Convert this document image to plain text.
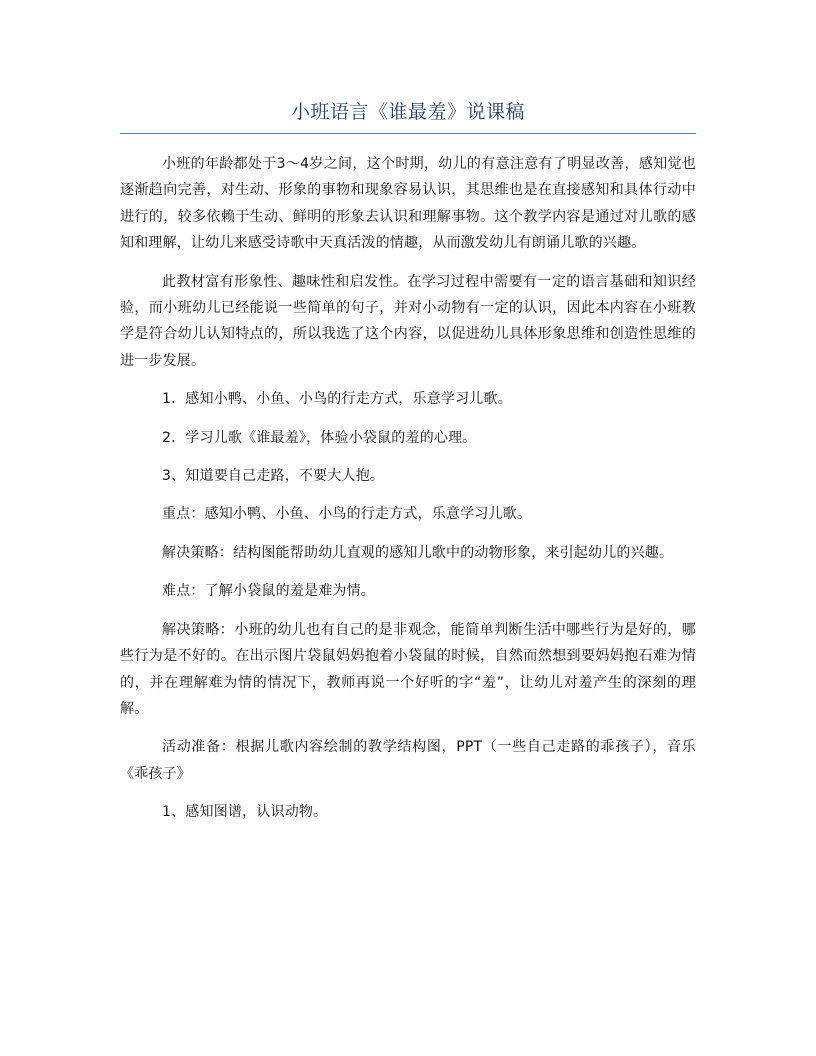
小班语言《谁最羞》说课稿

小班的年龄都处于3～4岁之间，这个时期，幼儿的有意注意有了明显改善，感知觉也逐渐趋向完善，对生动、形象的事物和现象容易认识，其思维也是在直接感知和具体行动中进行的，较多依赖于生动、鲜明的形象去认识和理解事物。这个教学内容是通过对儿歌的感知和理解，让幼儿来感受诗歌中天真活泼的情趣，从而激发幼儿有朗诵儿歌的兴趣。

此教材富有形象性、趣味性和启发性。在学习过程中需要有一定的语言基础和知识经验，而小班幼儿已经能说一些简单的句子，并对小动物有一定的认识，因此本内容在小班教学是符合幼儿认知特点的，所以我选了这个内容，以促进幼儿具体形象思维和创造性思维的进一步发展。

1．感知小鸭、小鱼、小鸟的行走方式，乐意学习儿歌。

2．学习儿歌《谁最羞》，体验小袋鼠的羞的心理。

3、知道要自己走路，不要大人抱。

重点：感知小鸭、小鱼、小鸟的行走方式，乐意学习儿歌。

解决策略：结构图能帮助幼儿直观的感知儿歌中的动物形象，来引起幼儿的兴趣。

难点：了解小袋鼠的羞是难为情。

解决策略：小班的幼儿也有自己的是非观念，能简单判断生活中哪些行为是好的，哪些行为是不好的。在出示图片袋鼠妈妈抱着小袋鼠的时候，自然而然想到要妈妈抱石难为情的，并在理解难为情的情况下，教师再说一个好听的字“羞”，让幼儿对羞产生的深刻的理解。

活动准备：根据儿歌内容绘制的教学结构图，PPT（一些自己走路的乖孩子），音乐《乖孩子》

1、感知图谱，认识动物。
